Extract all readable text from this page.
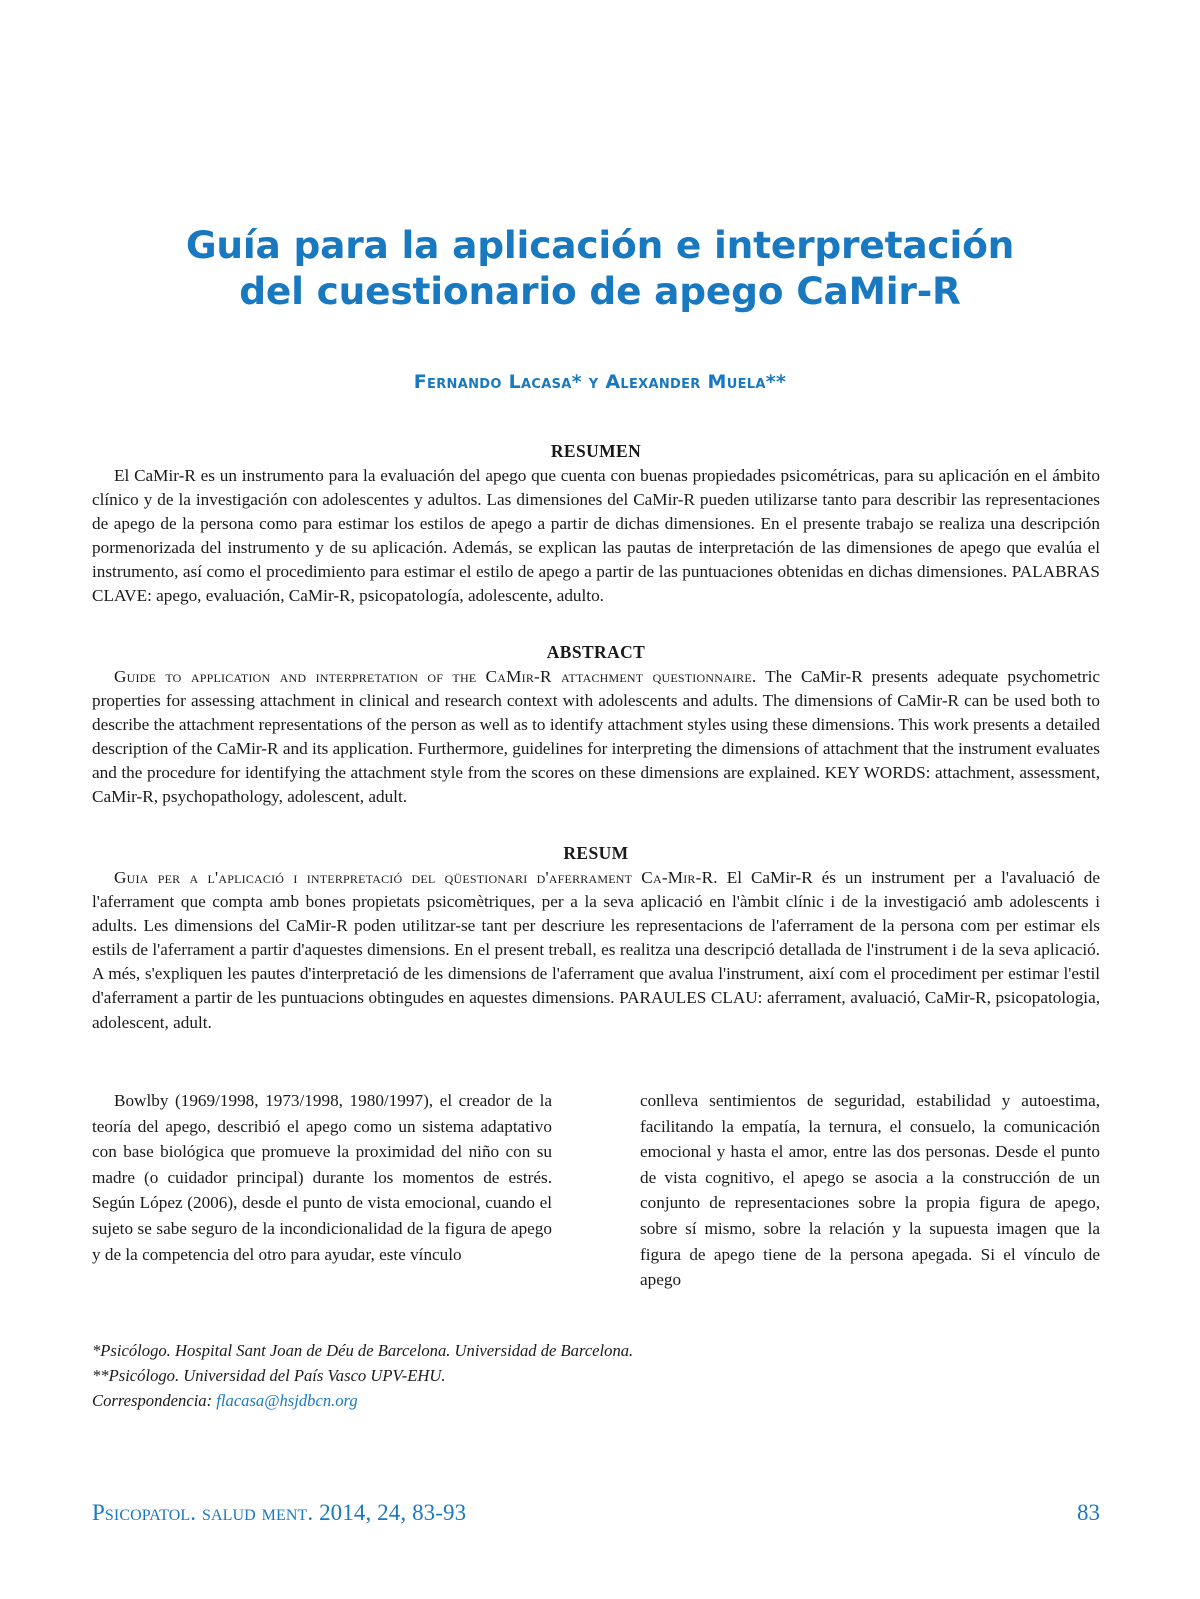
Guía para la aplicación e interpretación
del cuestionario de apego CaMir-R
Fernando Lacasa* y Alexander Muela**
RESUMEN

El CaMir-R es un instrumento para la evaluación del apego que cuenta con buenas propiedades psicométricas, para su aplicación en el ámbito clínico y de la investigación con adolescentes y adultos. Las dimensiones del CaMir-R pueden utilizarse tanto para describir las representaciones de apego de la persona como para estimar los estilos de apego a partir de dichas dimensiones. En el presente trabajo se realiza una descripción pormenorizada del instrumento y de su aplicación. Además, se explican las pautas de interpretación de las dimensiones de apego que evalúa el instrumento, así como el procedimiento para estimar el estilo de apego a partir de las puntuaciones obtenidas en dichas dimensiones. PALABRAS CLAVE: apego, evaluación, CaMir-R, psicopatología, adolescente, adulto.

ABSTRACT

Guide to application and interpretation of the CaMir-R attachment questionnaire. The CaMir-R presents adequate psychometric properties for assessing attachment in clinical and research context with adolescents and adults. The dimensions of CaMir-R can be used both to describe the attachment representations of the person as well as to identify attachment styles using these dimensions. This work presents a detailed description of the CaMir-R and its application. Furthermore, guidelines for interpreting the dimensions of attachment that the instrument evaluates and the procedure for identifying the attachment style from the scores on these dimensions are explained. KEY WORDS: attachment, assessment, CaMir-R, psychopathology, adolescent, adult.

RESUM

Guia per a l'aplicació i interpretació del qüestionari d'aferrament Ca-Mir-R. El CaMir-R és un instrument per a l'avaluació de l'aferrament que compta amb bones propietats psicomètriques, per a la seva aplicació en l'àmbit clínic i de la investigació amb adolescents i adults. Les dimensions del CaMir-R poden utilitzar-se tant per descriure les representacions de l'aferrament de la persona com per estimar els estils de l'aferrament a partir d'aquestes dimensions. En el present treball, es realitza una descripció detallada de l'instrument i de la seva aplicació. A més, s'expliquen les pautes d'interpretació de les dimensions de l'aferrament que avalua l'instrument, així com el procediment per estimar l'estil d'aferrament a partir de les puntuacions obtingudes en aquestes dimensions. PARAULES CLAU: aferrament, avaluació, CaMir-R, psicopatologia, adolescent, adult.

Bowlby (1969/1998, 1973/1998, 1980/1997), el creador de la teoría del apego, describió el apego como un sistema adaptativo con base biológica que promueve la proximidad del niño con su madre (o cuidador principal) durante los momentos de estrés. Según López (2006), desde el punto de vista emocional, cuando el sujeto se sabe seguro de la incondicionalidad de la figura de apego y de la competencia del otro para ayudar, este vínculo

conlleva sentimientos de seguridad, estabilidad y autoestima, facilitando la empatía, la ternura, el consuelo, la comunicación emocional y hasta el amor, entre las dos personas. Desde el punto de vista cognitivo, el apego se asocia a la construcción de un conjunto de representaciones sobre la propia figura de apego, sobre sí mismo, sobre la relación y la supuesta imagen que la figura de apego tiene de la persona apegada. Si el vínculo de apego

*Psicólogo. Hospital Sant Joan de Déu de Barcelona. Universidad de Barcelona.
**Psicólogo. Universidad del País Vasco UPV-EHU.
Correspondencia: flacasa@hsjdbcn.org
Psicopatol. salud ment. 2014, 24, 83-93	83
